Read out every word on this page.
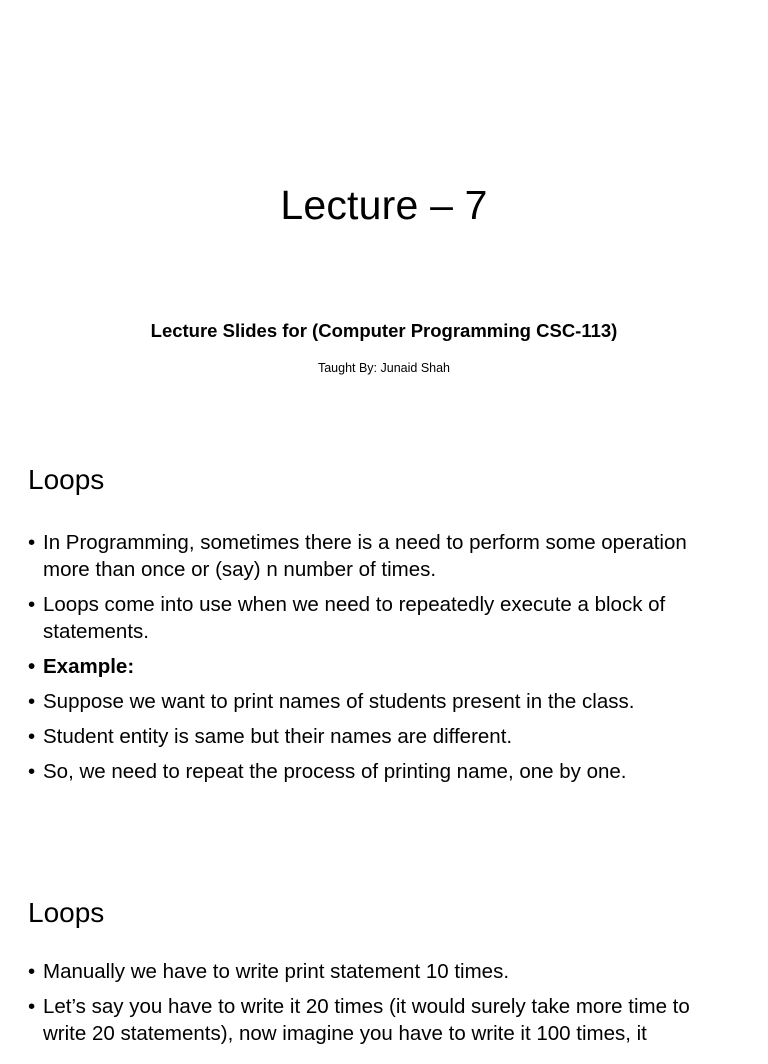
Lecture – 7
Lecture Slides for (Computer Programming CSC-113)
Taught By: Junaid Shah
Loops
• In Programming, sometimes there is a need to perform some operation more than once or (say) n number of times.
• Loops come into use when we need to repeatedly execute a block of statements.
• Example:
• Suppose we want to print names of students present in the class.
• Student entity is same but their names are different.
• So, we need to repeat the process of printing name, one by one.
Loops
• Manually we have to write print statement 10 times.
• Let’s say you have to write it 20 times (it would surely take more time to write 20 statements), now imagine you have to write it 100 times, it
